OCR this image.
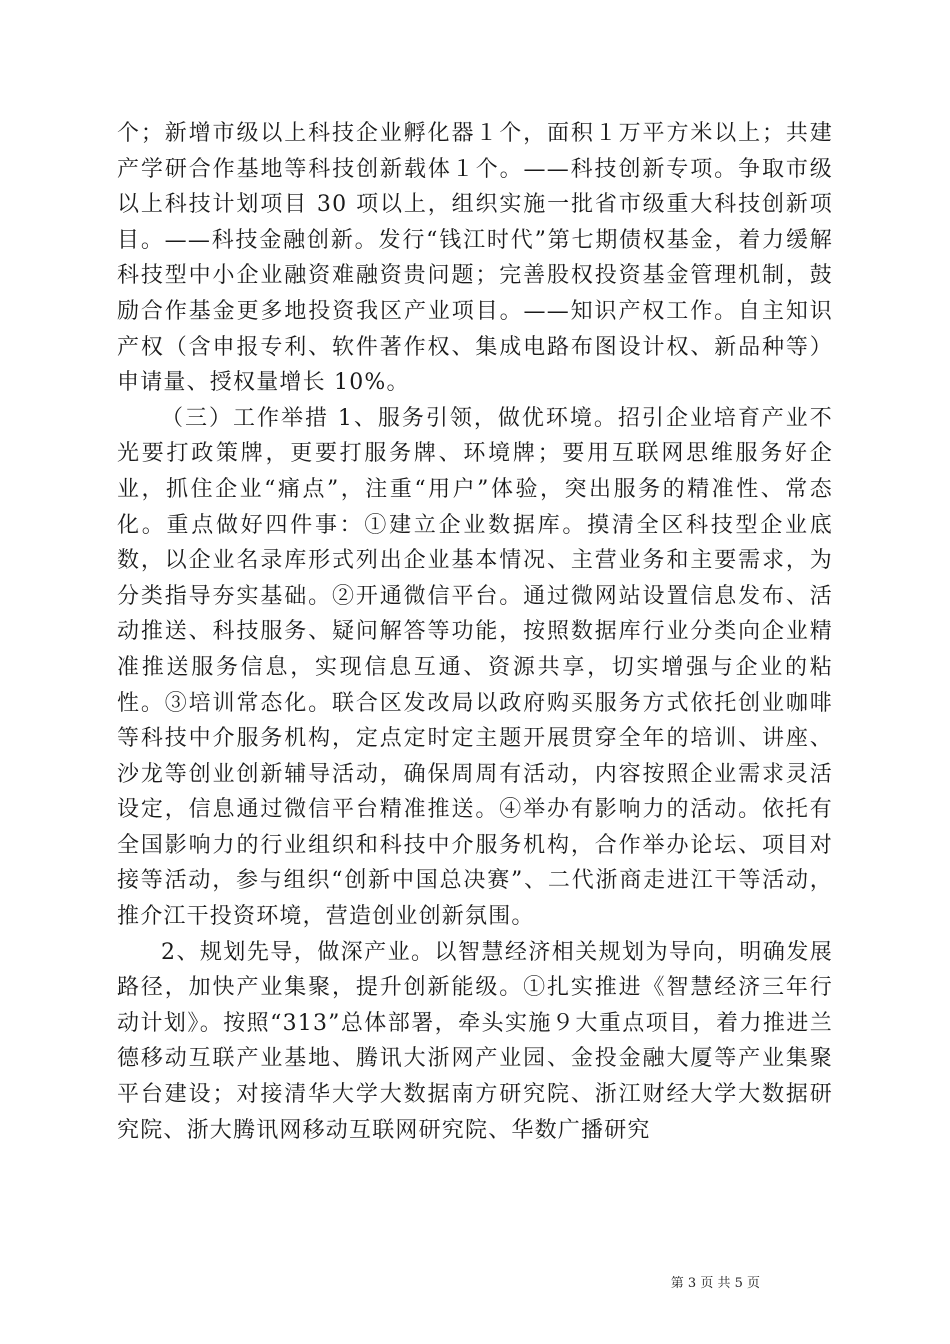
个；新增市级以上科技企业孵化器１个，面积１万平方米以上；共建产学研合作基地等科技创新载体１个。——科技创新专项。争取市级以上科技计划项目 30 项以上，组织实施一批省市级重大科技创新项目。——科技金融创新。发行“钱江时代”第七期债权基金，着力缓解科技型中小企业融资难融资贵问题；完善股权投资基金管理机制，鼓励合作基金更多地投资我区产业项目。——知识产权工作。自主知识产权（含申报专利、软件著作权、集成电路布图设计权、新品种等）申请量、授权量增长 10%。

（三）工作举措 1、服务引领，做优环境。招引企业培育产业不光要打政策牌，更要打服务牌、环境牌；要用互联网思维服务好企业，抓住企业“痛点”，注重“用户”体验，突出服务的精准性、常态化。重点做好四件事：①建立企业数据库。摸清全区科技型企业底数，以企业名录库形式列出企业基本情况、主营业务和主要需求，为分类指导夯实基础。②开通微信平台。通过微网站设置信息发布、活动推送、科技服务、疑问解答等功能，按照数据库行业分类向企业精准推送服务信息，实现信息互通、资源共享，切实增强与企业的粘性。③培训常态化。联合区发改局以政府购买服务方式依托创业咖啡等科技中介服务机构，定点定时定主题开展贯穿全年的培训、讲座、沙龙等创业创新辅导活动，确保周周有活动，内容按照企业需求灵活设定，信息通过微信平台精准推送。④举办有影响力的活动。依托有全国影响力的行业组织和科技中介服务机构，合作举办论坛、项目对接等活动，参与组织“创新中国总决赛”、二代浙商走进江干等活动，推介江干投资环境，营造创业创新氛围。

2、规划先导，做深产业。以智慧经济相关规划为导向，明确发展路径，加快产业集聚，提升创新能级。①扎实推进《智慧经济三年行动计划》。按照“313”总体部署，牵头实施９大重点项目，着力推进兰德移动互联产业基地、腾讯大浙网产业园、金投金融大厦等产业集聚平台建设；对接清华大学大数据南方研究院、浙江财经大学大数据研究院、浙大腾讯网移动互联网研究院、华数广播研究

第 3 页 共 5 页
